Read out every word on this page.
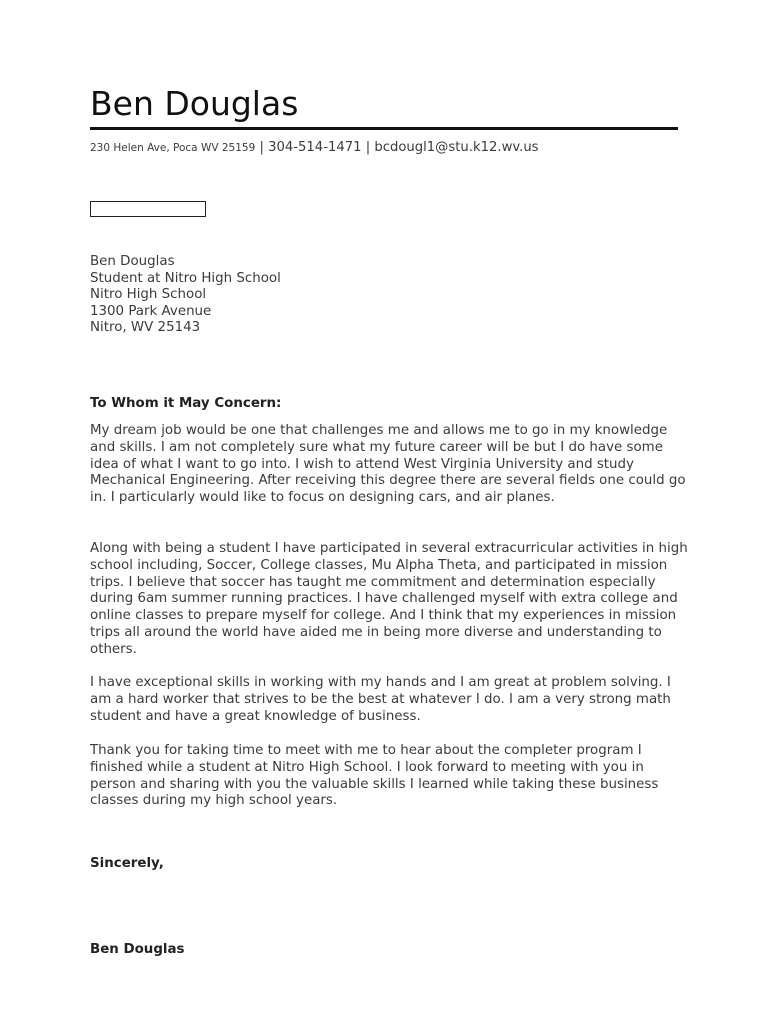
Ben Douglas
230 Helen Ave, Poca WV 25159 | 304-514-1471 | bcdougl1@stu.k12.wv.us
Ben Douglas
Student at Nitro High School
Nitro High School
1300 Park Avenue
Nitro, WV 25143
To Whom it May Concern:
My dream job would be one that challenges me and allows me to go in my knowledge and skills. I am not completely sure what my future career will be but I do have some idea of what I want to go into. I wish to attend West Virginia University and study Mechanical Engineering. After receiving this degree there are several fields one could go in. I particularly would like to focus on designing cars, and air planes.
Along with being a student I have participated in several extracurricular activities in high school including, Soccer, College classes, Mu Alpha Theta, and participated in mission trips. I believe that soccer has taught me commitment and determination especially during 6am summer running practices. I have challenged myself with extra college and online classes to prepare myself for college. And I think that my experiences in mission trips all around the world have aided me in being more diverse and understanding to others.
I have exceptional skills in working with my hands and I am great at problem solving. I am a hard worker that strives to be the best at whatever I do. I am a very strong math student and have a great knowledge of business.
Thank you for taking time to meet with me to hear about the completer program I finished while a student at Nitro High School. I look forward to meeting with you in person and sharing with you the valuable skills I learned while taking these business classes during my high school years.
Sincerely,
Ben Douglas
